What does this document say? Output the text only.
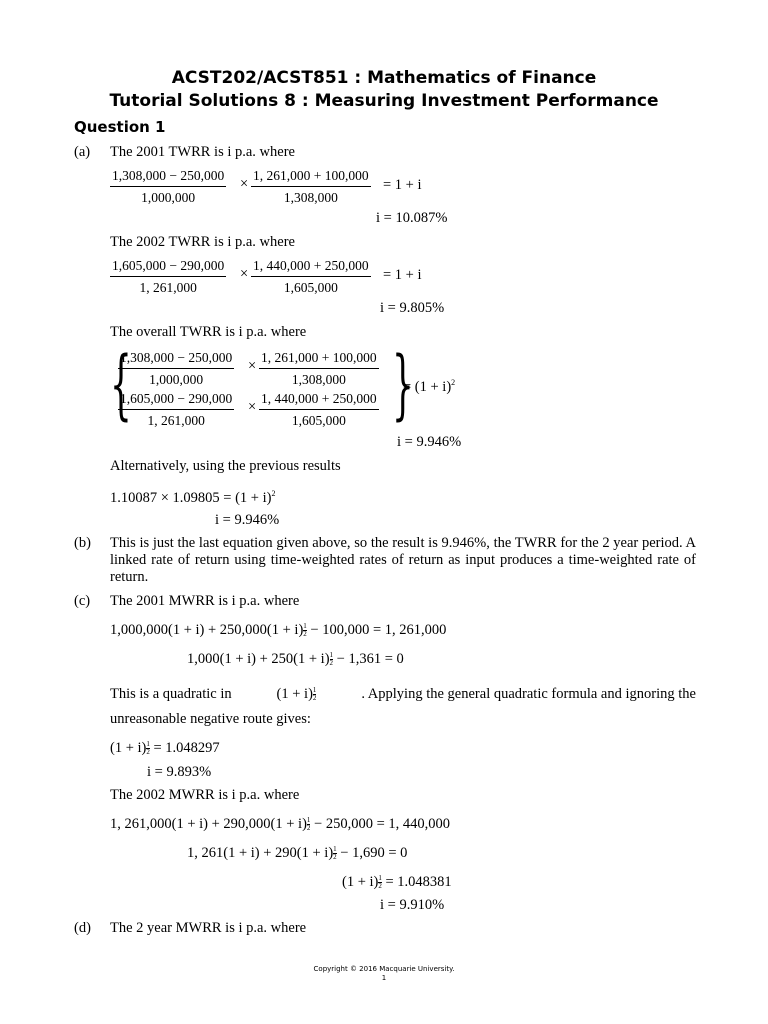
ACST202/ACST851 : Mathematics of Finance
Tutorial Solutions 8 : Measuring Investment Performance
Question 1
(a) The 2001 TWRR is i p.a. where
$\frac{1,308,000 - 250,000}{1,000,000} \times \frac{1, 261,000 + 100,000}{1,308,000} = 1 + i$
i = 10.087%
The 2002 TWRR is i p.a. where
$\frac{1,605,000 - 290,000}{1, 261,000} \times \frac{1, 440,000 + 250,000}{1,605,000} = 1 + i$
i = 9.805%
The overall TWRR is i p.a. where
{
$\frac{1,308,000 - 250,000}{1,000,000} \times \frac{1, 261,000 + 100,000}{1,308,000}$
$\frac{1,605,000 - 290,000}{1, 261,000} \times \frac{1, 440,000 + 250,000}{1,605,000}$ }
= $(1 + i)^2$
i = 9.946%
Alternatively, using the previous results
$1.10087 \times 1.09805 = (1 + i)^2$
i = 9.946%
(b) This is just the last equation given above, so the result is 9.946%, the TWRR for the 2 year period. A linked rate of return using time-weighted rates of return as input produces a time-weighted rate of return.
(c) The 2001 MWRR is i p.a. where
$1,000,000(1 + i) + 250,000(1 + i) \frac{1}{2} - 100,000 = 1$, 261,000
$1,000(1 + i) + 250(1 + i) \frac{1}{2} - 1,361 = 0$
This is a quadratic in	$(1 + i) \frac{1}{2}$	. Applying the general quadratic formula and ignoring the
unreasonable negative route gives:
$(1 + i) \frac{1}{2} = 1.048297$
i = 9.893%
The 2002 MWRR is i p.a. where
1, $261,000(1 + i) + 290,000(1 + i) \frac{1}{2} - 250,000 = 1$, 440,000
1, $261(1 + i) + 290(1 + i) \frac{1}{2} - 1,690 = 0$
$(1 + i) \frac{1}{2} = 1.048381$
i = 9.910%
(d) The 2 year MWRR is i p.a. where
Copyright © 2016 Macquarie University.
1
